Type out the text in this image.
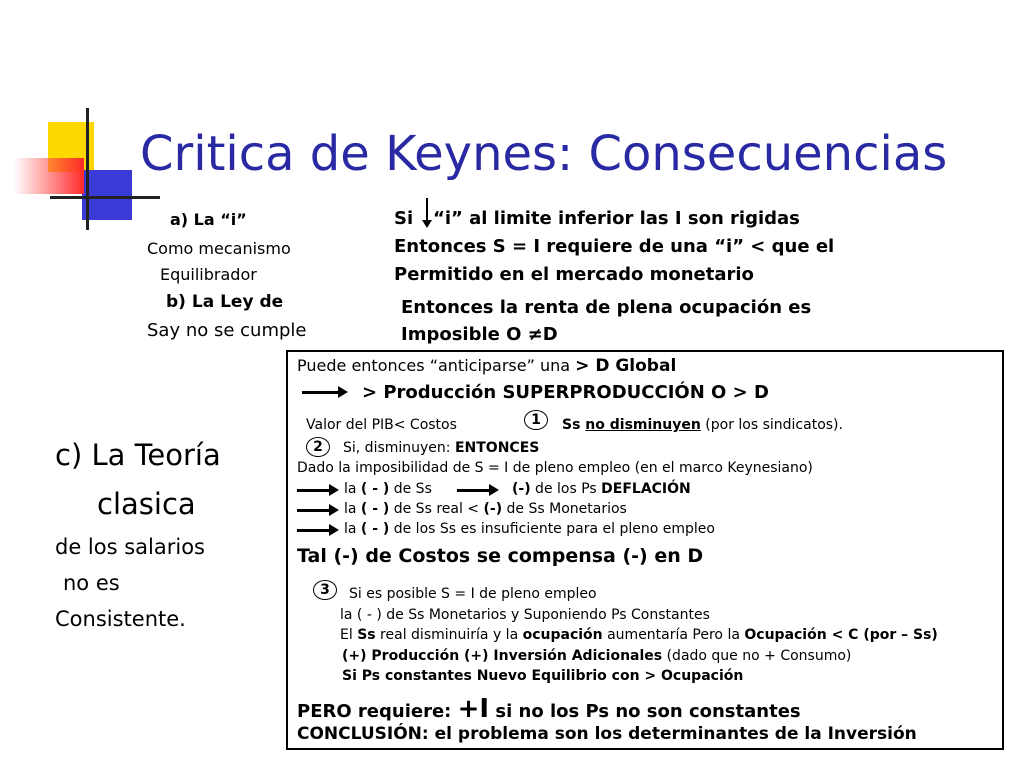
Critica de Keynes: Consecuencias
a) La “i”
Como mecanismo
Equilibrador
b) La Ley de
Say no se cumple
c) La Teoría
clasica
de los salarios
no es
Consistente.
Si “i” al limite inferior las I son rigidas
Entonces S = I requiere de una “i” < que el
Permitido en el mercado monetario
Entonces la renta de plena ocupación es
Imposible O ≠D
Puede entonces “anticiparse” una > D Global
> Producción SUPERPRODUCCIÓN O > D
Valor del PIB< Costos	1	Ss no disminuyen (por los sindicatos).
2	Si, disminuyen: ENTONCES
Dado la imposibilidad de S = I de pleno empleo (en el marco Keynesiano)
la ( - ) de Ss	(-) de los Ps DEFLACIÓN
la ( - ) de Ss real < (-) de Ss Monetarios
la ( - ) de los Ss es insuficiente para el pleno empleo
Tal (-) de Costos se compensa (-) en D
3	Si es posible S = I de pleno empleo
la ( - ) de Ss Monetarios y Suponiendo Ps Constantes
El Ss real disminuiría y la ocupación aumentaría Pero la Ocupación < C (por – Ss)
(+) Producción (+) Inversión Adicionales (dado que no + Consumo)
Si Ps constantes Nuevo Equilibrio con > Ocupación
PERO requiere: +I si no los Ps no son constantes
CONCLUSIÓN: el problema son los determinantes de la Inversión
